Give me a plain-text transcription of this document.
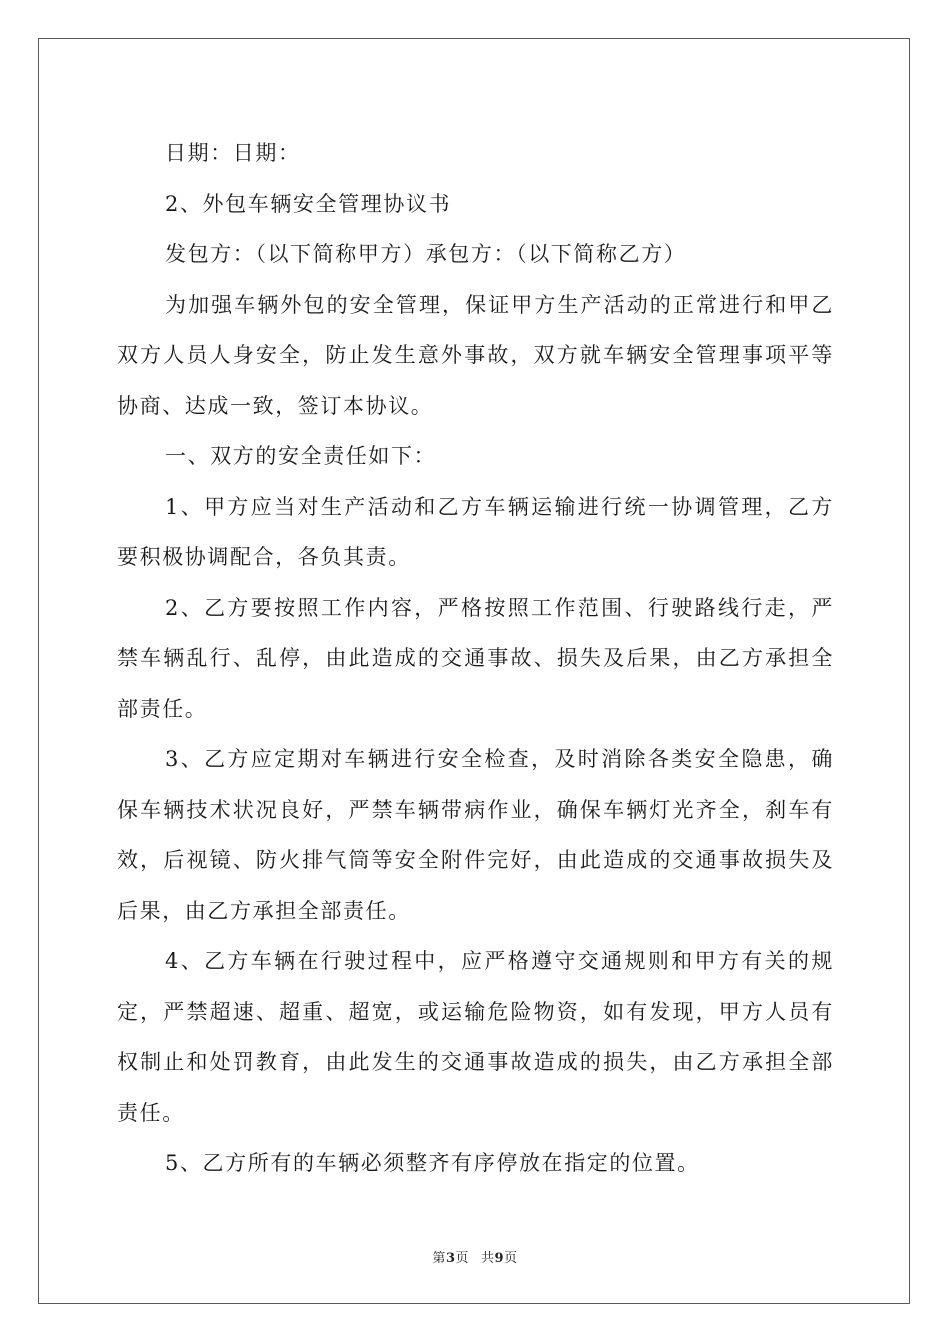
日期：日期：

2、外包车辆安全管理协议书

发包方：（以下简称甲方）承包方：（以下简称乙方）

为加强车辆外包的安全管理，保证甲方生产活动的正常进行和甲乙双方人员人身安全，防止发生意外事故，双方就车辆安全管理事项平等协商、达成一致，签订本协议。

一、双方的安全责任如下：

1、甲方应当对生产活动和乙方车辆运输进行统一协调管理，乙方要积极协调配合，各负其责。

2、乙方要按照工作内容，严格按照工作范围、行驶路线行走，严禁车辆乱行、乱停，由此造成的交通事故、损失及后果，由乙方承担全部责任。

3、乙方应定期对车辆进行安全检查，及时消除各类安全隐患，确保车辆技术状况良好，严禁车辆带病作业，确保车辆灯光齐全，刹车有效，后视镜、防火排气筒等安全附件完好，由此造成的交通事故损失及后果，由乙方承担全部责任。

4、乙方车辆在行驶过程中，应严格遵守交通规则和甲方有关的规定，严禁超速、超重、超宽，或运输危险物资，如有发现，甲方人员有权制止和处罚教育，由此发生的交通事故造成的损失，由乙方承担全部责任。

5、乙方所有的车辆必须整齐有序停放在指定的位置。

第3页 共9页
